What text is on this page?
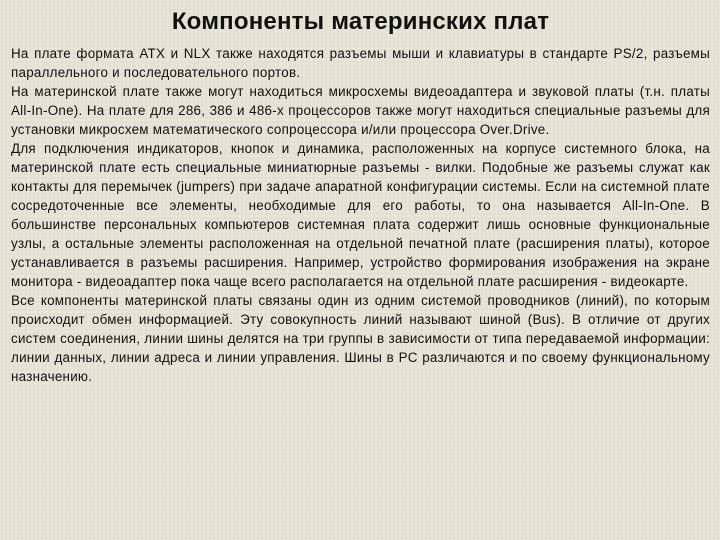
Компоненты материнских плат

На плате формата ATX и NLX также находятся разъемы мыши и клавиатуры в стандарте PS/2, разъемы параллельного и последовательного портов.

На материнской плате также могут находиться микросхемы видеоадаптера и звуковой платы (т.н. платы All-In-One). На плате для 286, 386 и 486-х процессоров также могут находиться специальные разъемы для установки микросхем математического сопроцессора и/или процессора Over.Drive.

Для подключения индикаторов, кнопок и динамика, расположенных на корпусе системного блока, на материнской плате есть специальные миниатюрные разъемы - вилки. Подобные же разъемы служат как контакты для перемычек (jumpers) при задаче апаратной конфигурации системы. Если на системной плате сосредоточенные все элементы, необходимые для его работы, то она называется All-In-One. В большинстве персональных компьютеров системная плата содержит лишь основные функциональные узлы, а остальные элементы расположенная на отдельной печатной плате (расширения платы), которое устанавливается в разъемы расширения. Например, устройство формирования изображения на экране монитора - видеоадаптер пока чаще всего располагается на отдельной плате расширения - видеокарте.

Все компоненты материнской платы связаны один из одним системой проводников (линий), по которым происходит обмен информацией. Эту совокупность линий называют шиной (Bus). В отличие от других систем соединения, линии шины делятся на три группы в зависимости от типа передаваемой информации: линии данных, линии адреса и линии управления. Шины в PC различаются и по своему функциональному назначению.
